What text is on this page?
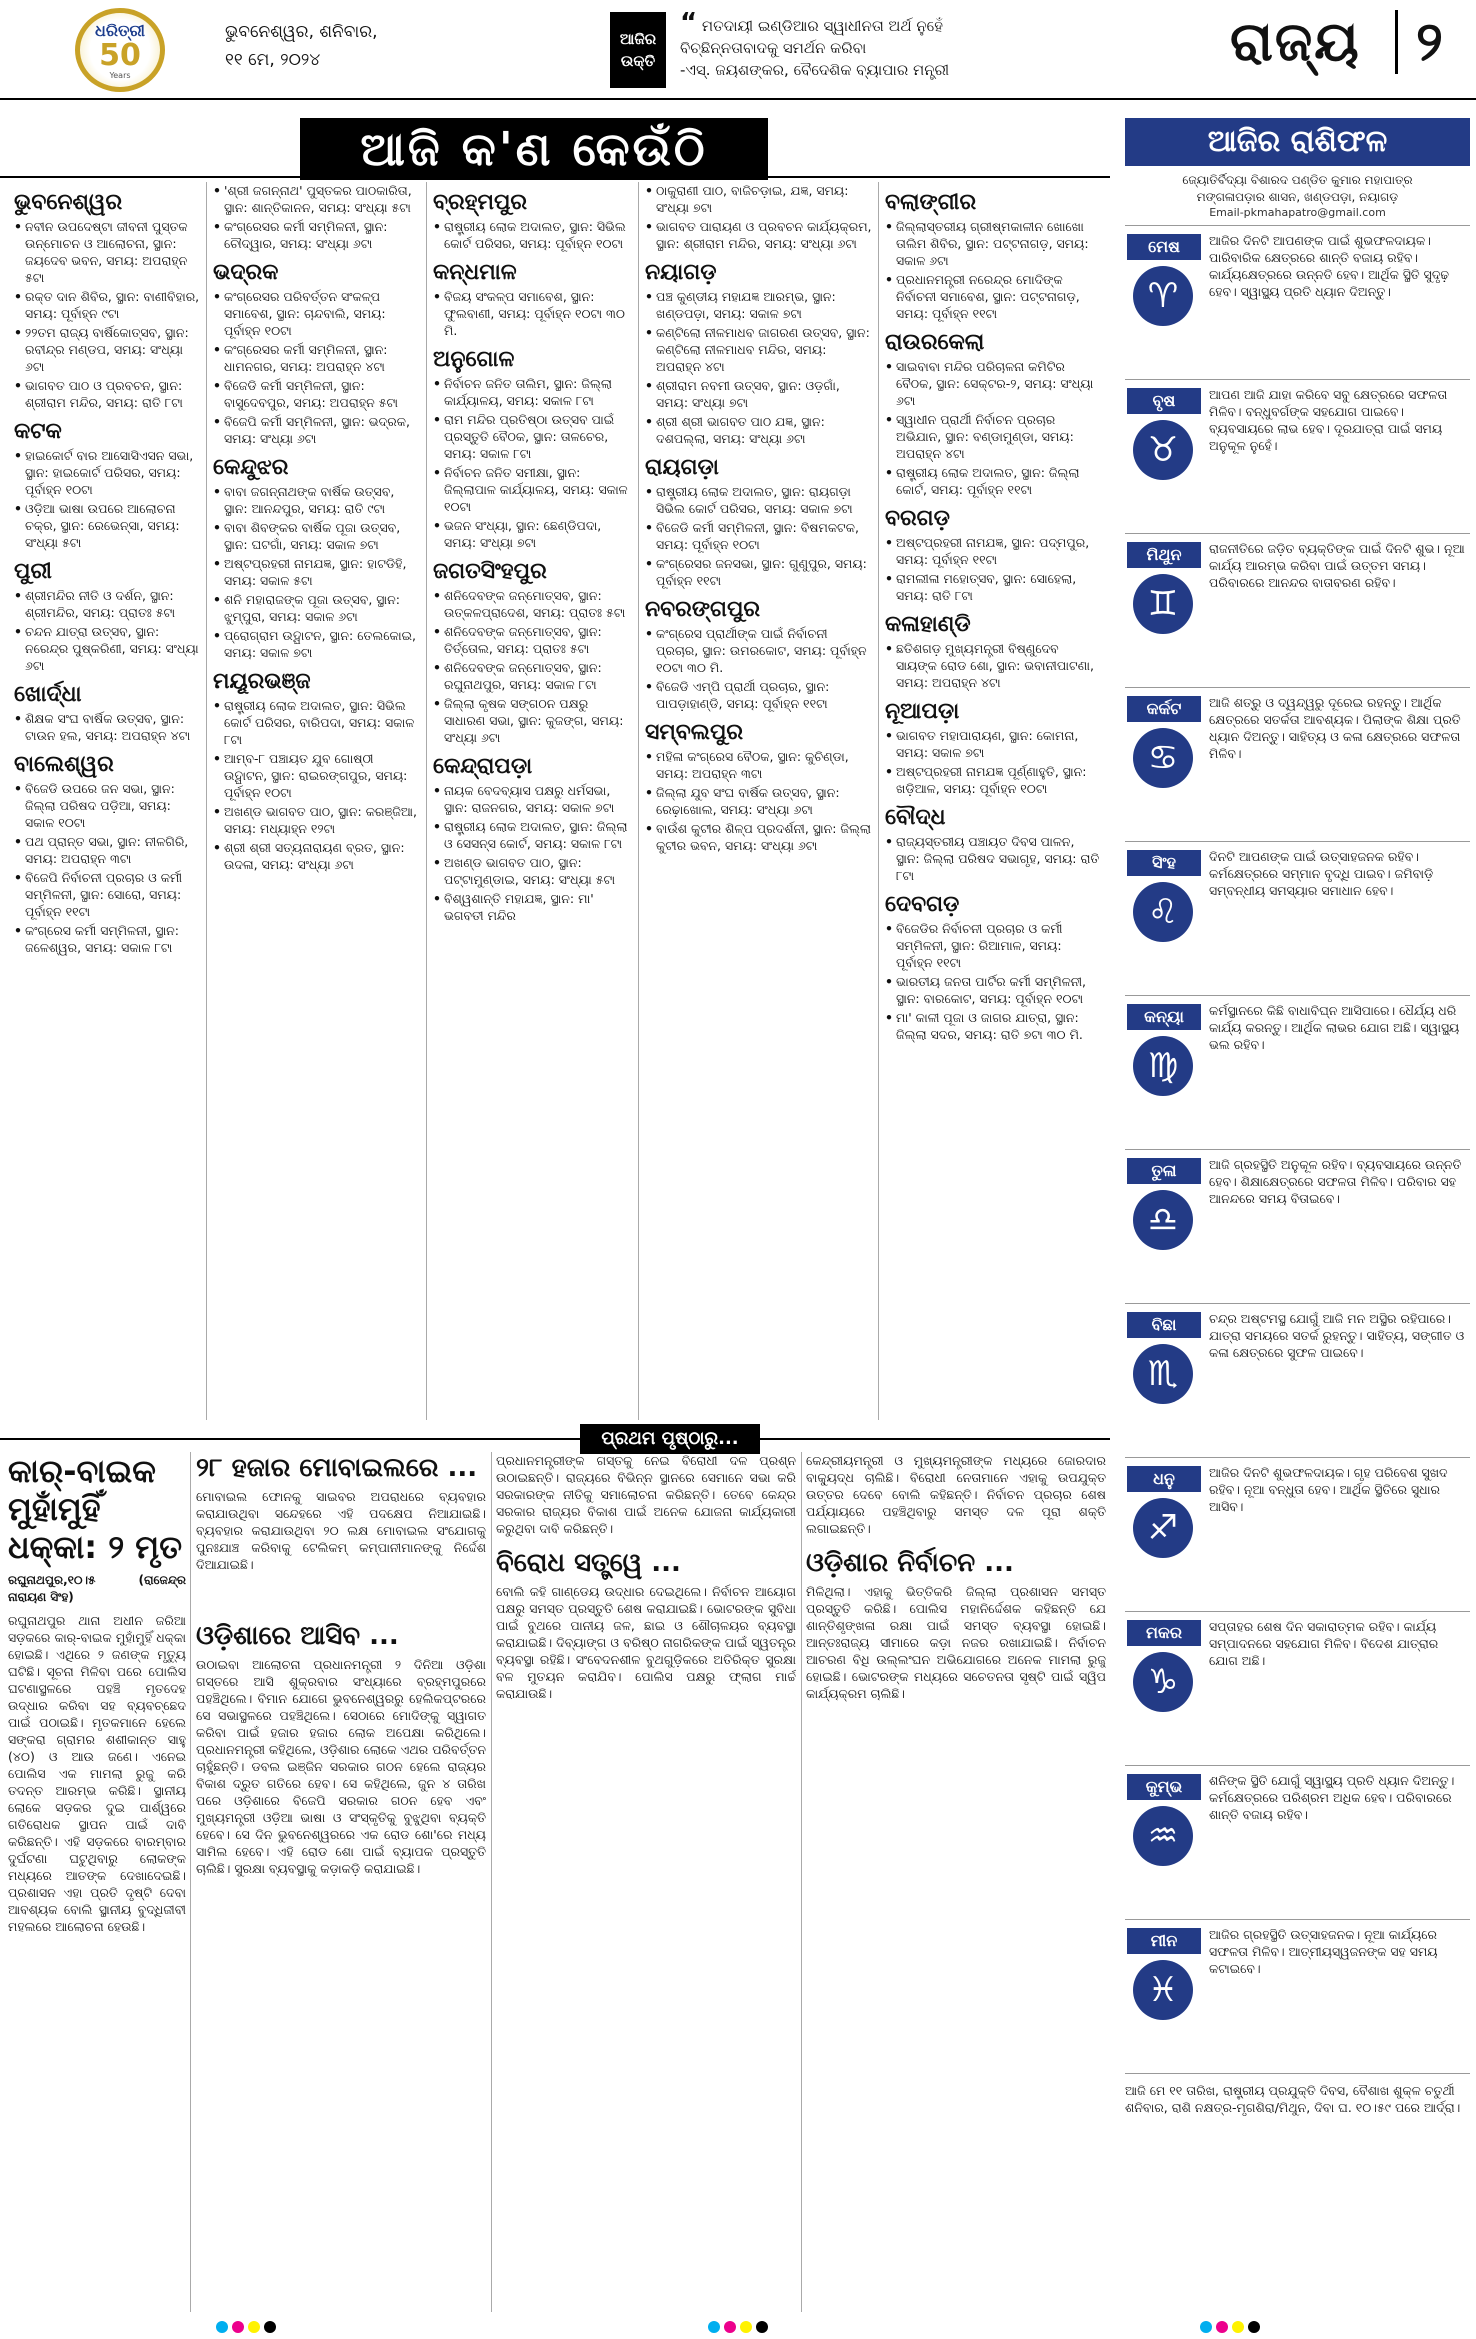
ଧରିତ୍ରୀ
50
Years
ଭୁବନେଶ୍ୱର, ଶନିବାର,
୧୧ ମେ, ୨୦୨୪
ଆଜିର
ଉକ୍ତି
“ ମତଦାୟୀ ଇଣ୍ଡିଆର ସ୍ୱାଧୀନତା ଅର୍ଥ ନୁହେଁ
ବିଚ୍ଛିନ୍ନତାବାଦକୁ ସମର୍ଥନ କରିବା
-ଏସ୍. ଜୟଶଙ୍କର, ବୈଦେଶିକ ବ୍ୟାପାର ମନ୍ତ୍ରୀ	ରାଜ୍ୟ	୨
ଆଜି କ'ଣ କେଉଁଠି
ଭୁବନେଶ୍ୱର
• ନବୀନ ଉପଦେଷ୍ଟା ଜୀବନୀ ପୁସ୍ତକ ଉନ୍ମୋଚନ ଓ ଆଲୋଚନା, ସ୍ଥାନ: ଜୟଦେବ ଭବନ, ସମୟ: ଅପରାହ୍ନ ୫ଟା
• ରକ୍ତ ଦାନ ଶିବିର, ସ୍ଥାନ: ବାଣୀବିହାର, ସମୟ: ପୂର୍ବାହ୍ନ ୯ଟା
• ୨୨ତମ ରାଜ୍ୟ ବାର୍ଷିକୋତ୍ସବ, ସ୍ଥାନ: ରବୀନ୍ଦ୍ର ମଣ୍ଡପ, ସମୟ: ସଂଧ୍ୟା ୬ଟା
• ଭାଗବତ ପାଠ ଓ ପ୍ରବଚନ, ସ୍ଥାନ: ଶ୍ରୀରାମ ମନ୍ଦିର, ସମୟ: ରାତି ୮ଟା
କଟକ
• ହାଇକୋର୍ଟ ବାର ଆସୋସିଏସନ ସଭା, ସ୍ଥାନ: ହାଇକୋର୍ଟ ପରିସର, ସମୟ: ପୂର୍ବାହ୍ନ ୧୦ଟା
• ଓଡ଼ିଆ ଭାଷା ଉପରେ ଆଲୋଚନା ଚକ୍ର, ସ୍ଥାନ: ରେଭେନ୍ସା, ସମୟ: ସଂଧ୍ୟା ୫ଟା
ପୁରୀ
• ଶ୍ରୀମନ୍ଦିର ନୀତି ଓ ଦର୍ଶନ, ସ୍ଥାନ: ଶ୍ରୀମନ୍ଦିର, ସମୟ: ପ୍ରାତଃ ୫ଟା
• ଚନ୍ଦନ ଯାତ୍ରା ଉତ୍ସବ, ସ୍ଥାନ: ନରେନ୍ଦ୍ର ପୁଷ୍କରିଣୀ, ସମୟ: ସଂଧ୍ୟା ୬ଟା
ଖୋର୍ଦ୍ଧା
• ଶିକ୍ଷକ ସଂଘ ବାର୍ଷିକ ଉତ୍ସବ, ସ୍ଥାନ: ଟାଉନ ହଲ, ସମୟ: ଅପରାହ୍ନ ୪ଟା
ବାଲେଶ୍ୱର
• ବିଜେଡି ଉପରେ ଜନ ସଭା, ସ୍ଥାନ: ଜିଲ୍ଲା ପରିଷଦ ପଡ଼ିଆ, ସମୟ: ସକାଳ ୧୦ଟା
• ପଥ ପ୍ରାନ୍ତ ସଭା, ସ୍ଥାନ: ନୀଳଗିରି, ସମୟ: ଅପରାହ୍ନ ୩ଟା
• ବିଜେପି ନିର୍ବାଚନୀ ପ୍ରଚାର ଓ କର୍ମୀ ସମ୍ମିଳନୀ, ସ୍ଥାନ: ସୋରୋ, ସମୟ: ପୂର୍ବାହ୍ନ ୧୧ଟା
• କଂଗ୍ରେସ କର୍ମୀ ସମ୍ମିଳନୀ, ସ୍ଥାନ: ଜଳେଶ୍ୱର, ସମୟ: ସକାଳ ୮ଟା
• 'ଶ୍ରୀ ଜଗନ୍ନାଥ' ପୁସ୍ତକର ପାଠକାରିତା, ସ୍ଥାନ: ଶାନ୍ତିକାନନ, ସମୟ: ସଂଧ୍ୟା ୫ଟା
• କଂଗ୍ରେସର କର୍ମୀ ସମ୍ମିଳନୀ, ସ୍ଥାନ: ଚୌଦ୍ୱାର, ସମୟ: ସଂଧ୍ୟା ୬ଟା
ଭଦ୍ରକ
• କଂଗ୍ରେସର ପରିବର୍ତ୍ତନ ସଂକଳ୍ପ ସମାବେଶ, ସ୍ଥାନ: ଚାନ୍ଦବାଲି, ସମୟ: ପୂର୍ବାହ୍ନ ୧୦ଟା
• କଂଗ୍ରେସର କର୍ମୀ ସମ୍ମିଳନୀ, ସ୍ଥାନ: ଧାମନଗର, ସମୟ: ଅପରାହ୍ନ ୪ଟା
• ବିଜେଡି କର୍ମୀ ସମ୍ମିଳନୀ, ସ୍ଥାନ: ବାସୁଦେବପୁର, ସମୟ: ଅପରାହ୍ନ ୫ଟା
• ବିଜେପି କର୍ମୀ ସମ୍ମିଳନୀ, ସ୍ଥାନ: ଭଦ୍ରକ, ସମୟ: ସଂଧ୍ୟା ୬ଟା
କେନ୍ଦୁଝର
• ବାବା ଜଗନ୍ନାଥଙ୍କ ବାର୍ଷିକ ଉତ୍ସବ, ସ୍ଥାନ: ଆନନ୍ଦପୁର, ସମୟ: ରାତି ୯ଟା
• ବାବା ଶିବଙ୍କର ବାର୍ଷିକ ପୂଜା ଉତ୍ସବ, ସ୍ଥାନ: ଘଟଗାଁ, ସମୟ: ସକାଳ ୭ଟା
• ଅଷ୍ଟପ୍ରହରୀ ନାମଯଜ୍ଞ, ସ୍ଥାନ: ହାଟଡିହି, ସମୟ: ସକାଳ ୫ଟା
• ଶନି ମହାରାଜଙ୍କ ପୂଜା ଉତ୍ସବ, ସ୍ଥାନ: ଝୁମ୍ପୁରା, ସମୟ: ସକାଳ ୬ଟା
• ପ୍ରୋଗ୍ରାମ ଉଦ୍ଘାଟନ, ସ୍ଥାନ: ତେଲକୋଇ, ସମୟ: ସକାଳ ୭ଟା
ମୟୂରଭଞ୍ଜ
• ରାଷ୍ଟ୍ରୀୟ ଲୋକ ଅଦାଲତ, ସ୍ଥାନ: ସିଭିଲ କୋର୍ଟ ପରିସର, ବାରିପଦା, ସମୟ: ସକାଳ ୮ଟା
• ଆମ୍ବ-୮ ପଞ୍ଚାୟତ ଯୁବ ଗୋଷ୍ଠୀ ଉଦ୍ଘାଟନ, ସ୍ଥାନ: ରାଇରଙ୍ଗପୁର, ସମୟ: ପୂର୍ବାହ୍ନ ୧୦ଟା
• ଅଖଣ୍ଡ ଭାଗବତ ପାଠ, ସ୍ଥାନ: କରଞ୍ଜିଆ, ସମୟ: ମଧ୍ୟାହ୍ନ ୧୨ଟା
• ଶ୍ରୀ ଶ୍ରୀ ସତ୍ୟନାରାୟଣ ବ୍ରତ, ସ୍ଥାନ: ଉଦଳା, ସମୟ: ସଂଧ୍ୟା ୬ଟା
ବ୍ରହ୍ମପୁର
• ରାଷ୍ଟ୍ରୀୟ ଲୋକ ଅଦାଲତ, ସ୍ଥାନ: ସିଭିଲ କୋର୍ଟ ପରିସର, ସମୟ: ପୂର୍ବାହ୍ନ ୧୦ଟା
କନ୍ଧମାଳ
• ବିଜୟ ସଂକଳ୍ପ ସମାବେଶ, ସ୍ଥାନ: ଫୁଲବାଣୀ, ସମୟ: ପୂର୍ବାହ୍ନ ୧୦ଟା ୩୦ ମି.
ଅନୁଗୋଳ
• ନିର୍ବାଚନ ଜନିତ ତାଲିମ, ସ୍ଥାନ: ଜିଲ୍ଲା କାର୍ଯ୍ୟାଳୟ, ସମୟ: ସକାଳ ୮ଟା
• ରାମ ମନ୍ଦିର ପ୍ରତିଷ୍ଠା ଉତ୍ସବ ପାଇଁ ପ୍ରସ୍ତୁତି ବୈଠକ, ସ୍ଥାନ: ତାଳଚେର, ସମୟ: ସକାଳ ୮ଟା
• ନିର୍ବାଚନ ଜନିତ ସମୀକ୍ଷା, ସ୍ଥାନ: ଜିଲ୍ଲାପାଳ କାର୍ଯ୍ୟାଳୟ, ସମୟ: ସକାଳ ୧୦ଟା
• ଭଜନ ସଂଧ୍ୟା, ସ୍ଥାନ: ଛେଣ୍ଡିପଦା, ସମୟ: ସଂଧ୍ୟା ୭ଟା
ଜଗତସିଂହପୁର
• ଶନିଦେବଙ୍କ ଜନ୍ମୋତ୍ସବ, ସ୍ଥାନ: ଉତ୍କଳପ୍ରାଦେଶ, ସମୟ: ପ୍ରାତଃ ୫ଟା
• ଶନିଦେବଙ୍କ ଜନ୍ମୋତ୍ସବ, ସ୍ଥାନ: ତିର୍ତ୍ତୋଲ, ସମୟ: ପ୍ରାତଃ ୫ଟା
• ଶନିଦେବଙ୍କ ଜନ୍ମୋତ୍ସବ, ସ୍ଥାନ: ରଘୁନାଥପୁର, ସମୟ: ସକାଳ ୮ଟା
• ଜିଲ୍ଲା କୃଷକ ସଙ୍ଗଠନ ପକ୍ଷରୁ ସାଧାରଣ ସଭା, ସ୍ଥାନ: କୁଜଙ୍ଗ, ସମୟ: ସଂଧ୍ୟା ୬ଟା
କେନ୍ଦ୍ରାପଡ଼ା
• ନାୟକ ବେଦବ୍ୟାସ ପକ୍ଷରୁ ଧର୍ମସଭା, ସ୍ଥାନ: ରାଜନଗର, ସମୟ: ସକାଳ ୭ଟା
• ରାଷ୍ଟ୍ରୀୟ ଲୋକ ଅଦାଲତ, ସ୍ଥାନ: ଜିଲ୍ଲା ଓ ସେସନ୍ସ କୋର୍ଟ, ସମୟ: ସକାଳ ୮ଟା
• ଅଖଣ୍ଡ ଭାଗବତ ପାଠ, ସ୍ଥାନ: ପଟ୍ଟାମୁଣ୍ଡାଇ, ସମୟ: ସଂଧ୍ୟା ୫ଟା
• ବିଶ୍ୱଶାନ୍ତି ମହାଯଜ୍ଞ, ସ୍ଥାନ: ମା' ଭଗବତୀ ମନ୍ଦିର
• ଠାକୁରାଣୀ ପାଠ, ବାଜିଚଡ଼ାଇ, ଯଜ୍ଞ, ସମୟ: ସଂଧ୍ୟା ୭ଟା
• ଭାଗବତ ପାରାୟଣ ଓ ପ୍ରବଚନ କାର୍ଯ୍ୟକ୍ରମ, ସ୍ଥାନ: ଶ୍ରୀରାମ ମନ୍ଦିର, ସମୟ: ସଂଧ୍ୟା ୬ଟା
ନୟାଗଡ଼
• ପଞ୍ଚ କୁଣ୍ଡୀୟ ମହାଯଜ୍ଞ ଆରମ୍ଭ, ସ୍ଥାନ: ଖଣ୍ଡପଡ଼ା, ସମୟ: ସକାଳ ୭ଟା
• କଣ୍ଟିଲୋ ନୀଳମାଧବ ଜାଗରଣ ଉତ୍ସବ, ସ୍ଥାନ: କଣ୍ଟିଲୋ ନୀଳମାଧବ ମନ୍ଦିର, ସମୟ: ଅପରାହ୍ନ ୪ଟା
• ଶ୍ରୀରାମ ନବମୀ ଉତ୍ସବ, ସ୍ଥାନ: ଓଡ଼ଗାଁ, ସମୟ: ସଂଧ୍ୟା ୭ଟା
• ଶ୍ରୀ ଶ୍ରୀ ଭାଗବତ ପାଠ ଯଜ୍ଞ, ସ୍ଥାନ: ଦଶପଲ୍ଲା, ସମୟ: ସଂଧ୍ୟା ୬ଟା
ରାୟଗଡ଼ା
• ରାଷ୍ଟ୍ରୀୟ ଲୋକ ଅଦାଲତ, ସ୍ଥାନ: ରାୟଗଡ଼ା ସିଭିଲ କୋର୍ଟ ପରିସର, ସମୟ: ସକାଳ ୭ଟା
• ବିଜେଡି କର୍ମୀ ସମ୍ମିଳନୀ, ସ୍ଥାନ: ବିଷମକଟକ, ସମୟ: ପୂର୍ବାହ୍ନ ୧୦ଟା
• କଂଗ୍ରେସର ଜନସଭା, ସ୍ଥାନ: ଗୁଣୁପୁର, ସମୟ: ପୂର୍ବାହ୍ନ ୧୧ଟା
ନବରଙ୍ଗପୁର
• କଂଗ୍ରେସ ପ୍ରାର୍ଥୀଙ୍କ ପାଇଁ ନିର୍ବାଚନୀ ପ୍ରଚାର, ସ୍ଥାନ: ଉମରକୋଟ, ସମୟ: ପୂର୍ବାହ୍ନ ୧୦ଟା ୩୦ ମି.
• ବିଜେଡି ଏମ୍‌ପି ପ୍ରାର୍ଥୀ ପ୍ରଚାର, ସ୍ଥାନ: ପାପଡ଼ାହାଣ୍ଡି, ସମୟ: ପୂର୍ବାହ୍ନ ୧୧ଟା
ସମ୍ବଲପୁର
• ମହିଳା କଂଗ୍ରେସ ବୈଠକ, ସ୍ଥାନ: କୁଚିଣ୍ଡା, ସମୟ: ଅପରାହ୍ନ ୩ଟା
• ଜିଲ୍ଲା ଯୁବ ସଂଘ ବାର୍ଷିକ ଉତ୍ସବ, ସ୍ଥାନ: ରେଢ଼ାଖୋଲ, ସମୟ: ସଂଧ୍ୟା ୬ଟା
• ବାଉଁଶ କୁଟୀର ଶିଳ୍ପ ପ୍ରଦର୍ଶନୀ, ସ୍ଥାନ: ଜିଲ୍ଲା କୁଟୀର ଭବନ, ସମୟ: ସଂଧ୍ୟା ୬ଟା
ବଲାଙ୍ଗୀର
• ଜିଲ୍ଲାସ୍ତରୀୟ ଗ୍ରୀଷ୍ମକାଳୀନ ଖୋଖୋ ତାଲିମ ଶିବିର, ସ୍ଥାନ: ପଟ୍ଟନାଗଡ଼, ସମୟ: ସକାଳ ୬ଟା
• ପ୍ରଧାନମନ୍ତ୍ରୀ ନରେନ୍ଦ୍ର ମୋଦିଙ୍କ ନିର୍ବାଚନୀ ସମାବେଶ, ସ୍ଥାନ: ପଟ୍ଟନାଗଡ଼, ସମୟ: ପୂର୍ବାହ୍ନ ୧୧ଟା
ରାଉରକେଲା
• ସାଇବାବା ମନ୍ଦିର ପରିଚାଳନା କମିଟିର ବୈଠକ, ସ୍ଥାନ: ସେକ୍ଟର-୨, ସମୟ: ସଂଧ୍ୟା ୬ଟା
• ସ୍ୱାଧୀନ ପ୍ରାର୍ଥୀ ନିର୍ବାଚନ ପ୍ରଚାର ଅଭିଯାନ, ସ୍ଥାନ: ବଣ୍ଡାମୁଣ୍ଡା, ସମୟ: ଅପରାହ୍ନ ୪ଟା
• ରାଷ୍ଟ୍ରୀୟ ଲୋକ ଅଦାଲତ, ସ୍ଥାନ: ଜିଲ୍ଲା କୋର୍ଟ, ସମୟ: ପୂର୍ବାହ୍ନ ୧୧ଟା
ବରଗଡ଼
• ଅଷ୍ଟପ୍ରହରୀ ନାମଯଜ୍ଞ, ସ୍ଥାନ: ପଦ୍ମପୁର, ସମୟ: ପୂର୍ବାହ୍ନ ୧୧ଟା
• ରାମଲୀଳା ମହୋତ୍ସବ, ସ୍ଥାନ: ସୋହେଲା, ସମୟ: ରାତି ୮ଟା
କଳାହାଣ୍ଡି
• ଛତିଶଗଡ଼ ମୁଖ୍ୟମନ୍ତ୍ରୀ ବିଷ୍ଣୁଦେବ ସାୟଙ୍କ ରୋଡ ଶୋ, ସ୍ଥାନ: ଭବାନୀପାଟଣା, ସମୟ: ଅପରାହ୍ନ ୪ଟା
ନୂଆପଡ଼ା
• ଭାଗବତ ମହାପାରାୟଣ, ସ୍ଥାନ: କୋମନା, ସମୟ: ସକାଳ ୭ଟା
• ଅଷ୍ଟପ୍ରହରୀ ନାମଯଜ୍ଞ ପୂର୍ଣ୍ଣାହୁତି, ସ୍ଥାନ: ଖଡ଼ିଆଳ, ସମୟ: ପୂର୍ବାହ୍ନ ୧୦ଟା
ବୌଦ୍ଧ
• ରାଜ୍ୟସ୍ତରୀୟ ପଞ୍ଚାୟତ ଦିବସ ପାଳନ, ସ୍ଥାନ: ଜିଲ୍ଲା ପରିଷଦ ସଭାଗୃହ, ସମୟ: ରାତି ୮ଟା
ଦେବଗଡ଼
• ବିଜେଡିର ନିର୍ବାଚନୀ ପ୍ରଚାର ଓ କର୍ମୀ ସମ୍ମିଳନୀ, ସ୍ଥାନ: ରିଆମାଳ, ସମୟ: ପୂର୍ବାହ୍ନ ୧୧ଟା
• ଭାରତୀୟ ଜନତା ପାର୍ଟିର କର୍ମୀ ସମ୍ମିଳନୀ, ସ୍ଥାନ: ବାରକୋଟ, ସମୟ: ପୂର୍ବାହ୍ନ ୧୦ଟା
• ମା' କାଳୀ ପୂଜା ଓ ଜାଗର ଯାତ୍ରା, ସ୍ଥାନ: ଜିଲ୍ଲା ସଦର, ସମୟ: ରାତି ୭ଟା ୩୦ ମି.
ଆଜିର ରାଶିଫଳ
ଜ୍ୟୋତିର୍ବିଦ୍ୟା ବିଶାରଦ ପଣ୍ଡିତ କୁମାର ମହାପାତ୍ର
ମଙ୍ଗଳାପଡ଼ାର ଶାସନ, ଖଣ୍ଡପଡ଼ା, ନୟାଗଡ଼
Email-pkmahapatro@gmail.com
ମେଷ
♈
ଆଜିର ଦିନଟି ଆପଣଙ୍କ ପାଇଁ ଶୁଭଫଳଦାୟକ। ପାରିବାରିକ କ୍ଷେତ୍ରରେ ଶାନ୍ତି ବଜାୟ ରହିବ। କାର୍ଯ୍ୟକ୍ଷେତ୍ରରେ ଉନ୍ନତି ହେବ। ଆର୍ଥିକ ସ୍ଥିତି ସୁଦୃଢ଼ ହେବ। ସ୍ୱାସ୍ଥ୍ୟ ପ୍ରତି ଧ୍ୟାନ ଦିଅନ୍ତୁ।
ବୃଷ
♉
ଆପଣ ଆଜି ଯାହା କରିବେ ସବୁ କ୍ଷେତ୍ରରେ ସଫଳତା ମିଳିବ। ବନ୍ଧୁବର୍ଗଙ୍କ ସହଯୋଗ ପାଇବେ। ବ୍ୟବସାୟରେ ଲାଭ ହେବ। ଦୂରଯାତ୍ରା ପାଇଁ ସମୟ ଅନୁକୂଳ ନୁହେଁ।
ମିଥୁନ
♊
ରାଜନୀତିରେ ଜଡ଼ିତ ବ୍ୟକ୍ତିଙ୍କ ପାଇଁ ଦିନଟି ଶୁଭ। ନୂଆ କାର୍ଯ୍ୟ ଆରମ୍ଭ କରିବା ପାଇଁ ଉତ୍ତମ ସମୟ। ପରିବାରରେ ଆନନ୍ଦର ବାତାବରଣ ରହିବ।
କର୍କଟ
♋
ଆଜି ଶତ୍ରୁ ଓ ଦ୍ୱନ୍ଦ୍ୱରୁ ଦୂରେଇ ରହନ୍ତୁ। ଆର୍ଥିକ କ୍ଷେତ୍ରରେ ସତର୍କତା ଆବଶ୍ୟକ। ପିଲାଙ୍କ ଶିକ୍ଷା ପ୍ରତି ଧ୍ୟାନ ଦିଅନ୍ତୁ। ସାହିତ୍ୟ ଓ କଳା କ୍ଷେତ୍ରରେ ସଫଳତା ମିଳିବ।
ସିଂହ
♌
ଦିନଟି ଆପଣଙ୍କ ପାଇଁ ଉତ୍ସାହଜନକ ରହିବ। କର୍ମକ୍ଷେତ୍ରରେ ସମ୍ମାନ ବୃଦ୍ଧି ପାଇବ। ଜମିବାଡ଼ି ସମ୍ବନ୍ଧୀୟ ସମସ୍ୟାର ସମାଧାନ ହେବ।
କନ୍ୟା
♍
କର୍ମସ୍ଥାନରେ କିଛି ବାଧାବିଘ୍ନ ଆସିପାରେ। ଧୈର୍ଯ୍ୟ ଧରି କାର୍ଯ୍ୟ କରନ୍ତୁ। ଆର୍ଥିକ ଲାଭର ଯୋଗ ଅଛି। ସ୍ୱାସ୍ଥ୍ୟ ଭଲ ରହିବ।
ତୁଳା
♎
ଆଜି ଗ୍ରହସ୍ଥିତି ଅନୁକୂଳ ରହିବ। ବ୍ୟବସାୟରେ ଉନ୍ନତି ହେବ। ଶିକ୍ଷାକ୍ଷେତ୍ରରେ ସଫଳତା ମିଳିବ। ପରିବାର ସହ ଆନନ୍ଦରେ ସମୟ ବିତାଇବେ।
ବିଛା
♏
ଚନ୍ଦ୍ର ଅଷ୍ଟମସ୍ଥ ଯୋଗୁଁ ଆଜି ମନ ଅସ୍ଥିର ରହିପାରେ। ଯାତ୍ରା ସମୟରେ ସତର୍କ ରୁହନ୍ତୁ। ସାହିତ୍ୟ, ସଙ୍ଗୀତ ଓ କଳା କ୍ଷେତ୍ରରେ ସୁଫଳ ପାଇବେ।
ଧନୁ
♐
ଆଜିର ଦିନଟି ଶୁଭଫଳଦାୟକ। ଗୃହ ପରିବେଶ ସୁଖଦ ରହିବ। ନୂଆ ବନ୍ଧୁତା ହେବ। ଆର୍ଥିକ ସ୍ଥିତିରେ ସୁଧାର ଆସିବ।
ମକର
♑
ସପ୍ତାହର ଶେଷ ଦିନ ସକାରାତ୍ମକ ରହିବ। କାର୍ଯ୍ୟ ସମ୍ପାଦନରେ ସହଯୋଗ ମିଳିବ। ବିଦେଶ ଯାତ୍ରାର ଯୋଗ ଅଛି।
କୁମ୍ଭ
♒
ଶନିଙ୍କ ସ୍ଥିତି ଯୋଗୁଁ ସ୍ୱାସ୍ଥ୍ୟ ପ୍ରତି ଧ୍ୟାନ ଦିଅନ୍ତୁ। କର୍ମକ୍ଷେତ୍ରରେ ପରିଶ୍ରମ ଅଧିକ ହେବ। ପରିବାରରେ ଶାନ୍ତି ବଜାୟ ରହିବ।
ମୀନ
♓
ଆଜିର ଗ୍ରହସ୍ଥିତି ଉତ୍ସାହଜନକ। ନୂଆ କାର୍ଯ୍ୟରେ ସଫଳତା ମିଳିବ। ଆତ୍ମୀୟସ୍ୱଜନଙ୍କ ସହ ସମୟ କଟାଇବେ।
ଆଜି ମେ ୧୧ ତାରିଖ, ରାଷ୍ଟ୍ରୀୟ ପ୍ରଯୁକ୍ତି ଦିବସ, ବୈଶାଖ ଶୁକ୍ଳ ଚତୁର୍ଥୀ ଶନିବାର, ରାଶି ନକ୍ଷତ୍ର-ମୃଗଶିରା/ମିଥୁନ, ଦିବା ଘ. ୧୦।୫୯ ପରେ ଆର୍ଦ୍ରା।
ପ୍ରଥମ ପୃଷ୍ଠାରୁ...
କାର୍-ବାଇକ ମୁହାଁମୁହିଁ ଧକ୍କା: ୨ ମୃତ
ରଘୁନାଥପୁର,୧୦।୫ (ରାଜେନ୍ଦ୍ର ନାରାୟଣ ସିଂହ)
ରଘୁନାଥପୁର ଥାନା ଅଧୀନ ଜରିଆ ସଡ଼କରେ କାର୍-ବାଇକ ମୁହାଁମୁହିଁ ଧକ୍କା ହୋଇଛି। ଏଥିରେ ୨ ଜଣଙ୍କ ମୃତ୍ୟୁ ଘଟିଛି। ସୂଚନା ମିଳିବା ପରେ ପୋଲିସ ଘଟଣାସ୍ଥଳରେ ପହଞ୍ଚି ମୃତଦେହ ଉଦ୍ଧାର କରିବା ସହ ବ୍ୟବଚ୍ଛେଦ ପାଇଁ ପଠାଇଛି। ମୃତକମାନେ ହେଲେ ସଙ୍କରା ଗ୍ରାମର ଶଶୀକାନ୍ତ ସାହୁ (୪୦) ଓ ଆଉ ଜଣେ। ଏନେଇ ପୋଲିସ ଏକ ମାମଲା ରୁଜୁ କରି ତଦନ୍ତ ଆରମ୍ଭ କରିଛି। ସ୍ଥାନୀୟ ଲୋକେ ସଡ଼କର ଦୁଇ ପାର୍ଶ୍ୱରେ ଗତିରୋଧକ ସ୍ଥାପନ ପାଇଁ ଦାବି କରିଛନ୍ତି। ଏହି ସଡ଼କରେ ବାରମ୍ବାର ଦୁର୍ଘଟଣା ଘଟୁଥିବାରୁ ଲୋକଙ୍କ ମଧ୍ୟରେ ଆତଙ୍କ ଦେଖାଦେଇଛି। ପ୍ରଶାସନ ଏହା ପ୍ରତି ଦୃଷ୍ଟି ଦେବା ଆବଶ୍ୟକ ବୋଲି ସ୍ଥାନୀୟ ବୁଦ୍ଧିଜୀବୀ ମହଲରେ ଆଲୋଚନା ହେଉଛି।
୨୮ ହଜାର ମୋବାଇଲରେ ...
ମୋବାଇଲ ଫୋନକୁ ସାଇବର ଅପରାଧରେ ବ୍ୟବହାର କରାଯାଉଥିବା ସନ୍ଦେହରେ ଏହି ପଦକ୍ଷେପ ନିଆଯାଇଛି। ବ୍ୟବହାର କରାଯାଉଥିବା ୨୦ ଲକ୍ଷ ମୋବାଇଲ ସଂଯୋଗକୁ ପୁନଃଯାଞ୍ଚ କରିବାକୁ ଟେଲିକମ୍ କମ୍ପାନୀମାନଙ୍କୁ ନିର୍ଦ୍ଦେଶ ଦିଆଯାଇଛି।
ଓଡ଼ିଶାରେ ଆସିବ ...
ଉଠାଇବା ଆଲୋଚନା ପ୍ରଧାନମନ୍ତ୍ରୀ ୨ ଦିନିଆ ଓଡ଼ିଶା ଗସ୍ତରେ ଆସି ଶୁକ୍ରବାର ସଂଧ୍ୟାରେ ବ୍ରହ୍ମପୁରରେ ପହଞ୍ଚିଥିଲେ। ବିମାନ ଯୋଗେ ଭୁବନେଶ୍ୱରରୁ ହେଲିକପ୍ଟରରେ ସେ ସଭାସ୍ଥଳରେ ପହଞ୍ଚିଥିଲେ। ସେଠାରେ ମୋଦିଙ୍କୁ ସ୍ୱାଗତ କରିବା ପାଇଁ ହଜାର ହଜାର ଲୋକ ଅପେକ୍ଷା କରିଥିଲେ। ପ୍ରଧାନମନ୍ତ୍ରୀ କହିଥିଲେ, ଓଡ଼ିଶାର ଲୋକେ ଏଥର ପରିବର୍ତ୍ତନ ଚାହୁଁଛନ୍ତି। ଡବଲ ଇଞ୍ଜିନ ସରକାର ଗଠନ ହେଲେ ରାଜ୍ୟର ବିକାଶ ଦ୍ରୁତ ଗତିରେ ହେବ। ସେ କହିଥିଲେ, ଜୁନ ୪ ତାରିଖ ପରେ ଓଡ଼ିଶାରେ ବିଜେପି ସରକାର ଗଠନ ହେବ ଏବଂ ମୁଖ୍ୟମନ୍ତ୍ରୀ ଓଡ଼ିଆ ଭାଷା ଓ ସଂସ୍କୃତିକୁ ବୁଝୁଥିବା ବ୍ୟକ୍ତି ହେବେ। ସେ ଦିନ ଭୁବନେଶ୍ୱରରେ ଏକ ରୋଡ ଶୋ'ରେ ମଧ୍ୟ ସାମିଲ ହେବେ। ଏହି ରୋଡ ଶୋ ପାଇଁ ବ୍ୟାପକ ପ୍ରସ୍ତୁତି ଚାଲିଛି। ସୁରକ୍ଷା ବ୍ୟବସ୍ଥାକୁ କଡ଼ାକଡ଼ି କରାଯାଇଛି।
ପ୍ରଧାନମନ୍ତ୍ରୀଙ୍କ ଗସ୍ତକୁ ନେଇ ବିରୋଧୀ ଦଳ ପ୍ରଶ୍ନ ଉଠାଇଛନ୍ତି। ରାଜ୍ୟରେ ବିଭିନ୍ନ ସ୍ଥାନରେ ସେମାନେ ସଭା କରି ସରକାରଙ୍କ ନୀତିକୁ ସମାଲୋଚନା କରିଛନ୍ତି। ତେବେ କେନ୍ଦ୍ର ସରକାର ରାଜ୍ୟର ବିକାଶ ପାଇଁ ଅନେକ ଯୋଜନା କାର୍ଯ୍ୟକାରୀ କରୁଥିବା ଦାବି କରିଛନ୍ତି।
ବିରୋଧ ସତ୍ତ୍ୱେ ...
ବୋଲି କହି ଗାଣ୍ଡେୟ ଉଦ୍ଧାର ଦେଇଥିଲେ। ନିର୍ବାଚନ ଆୟୋଗ ପକ୍ଷରୁ ସମସ୍ତ ପ୍ରସ୍ତୁତି ଶେଷ କରାଯାଇଛି। ଭୋଟରଙ୍କ ସୁବିଧା ପାଇଁ ବୁଥରେ ପାନୀୟ ଜଳ, ଛାଇ ଓ ଶୌଚାଳୟର ବ୍ୟବସ୍ଥା କରାଯାଇଛି। ଦିବ୍ୟାଙ୍ଗ ଓ ବରିଷ୍ଠ ନାଗରିକଙ୍କ ପାଇଁ ସ୍ୱତନ୍ତ୍ର ବ୍ୟବସ୍ଥା ରହିଛି। ସଂବେଦନଶୀଳ ବୁଥଗୁଡ଼ିକରେ ଅତିରିକ୍ତ ସୁରକ୍ଷା ବଳ ମୁତୟନ କରାଯିବ। ପୋଲିସ ପକ୍ଷରୁ ଫ୍ଲାଗ ମାର୍ଚ୍ଚ କରାଯାଉଛି।
କେନ୍ଦ୍ରୀୟମନ୍ତ୍ରୀ ଓ ମୁଖ୍ୟମନ୍ତ୍ରୀଙ୍କ ମଧ୍ୟରେ ଜୋରଦାର ବାକ୍ୟୁଦ୍ଧ ଚାଲିଛି। ବିରୋଧୀ ନେତାମାନେ ଏହାକୁ ଉପଯୁକ୍ତ ଉତ୍ତର ଦେବେ ବୋଲି କହିଛନ୍ତି। ନିର୍ବାଚନ ପ୍ରଚାର ଶେଷ ପର୍ଯ୍ୟାୟରେ ପହଞ୍ଚିଥିବାରୁ ସମସ୍ତ ଦଳ ପୂରା ଶକ୍ତି ଲଗାଇଛନ୍ତି।
ଓଡ଼ିଶାର ନିର୍ବାଚନ ...
ମିଳିଥିଲା। ଏହାକୁ ଭିତ୍ତିକରି ଜିଲ୍ଲା ପ୍ରଶାସନ ସମସ୍ତ ପ୍ରସ୍ତୁତି କରିଛି। ପୋଲିସ ମହାନିର୍ଦ୍ଦେଶକ କହିଛନ୍ତି ଯେ ଶାନ୍ତିଶୃଙ୍ଖଳା ରକ୍ଷା ପାଇଁ ସମସ୍ତ ବ୍ୟବସ୍ଥା ହୋଇଛି। ଆନ୍ତଃରାଜ୍ୟ ସୀମାରେ କଡ଼ା ନଜର ରଖାଯାଇଛି। ନିର୍ବାଚନ ଆଚରଣ ବିଧି ଉଲ୍ଲଂଘନ ଅଭିଯୋଗରେ ଅନେକ ମାମଲା ରୁଜୁ ହୋଇଛି। ଭୋଟରଙ୍କ ମଧ୍ୟରେ ସଚେତନତା ସୃଷ୍ଟି ପାଇଁ ସ୍ୱିପ କାର୍ଯ୍ୟକ୍ରମ ଚାଲିଛି।
